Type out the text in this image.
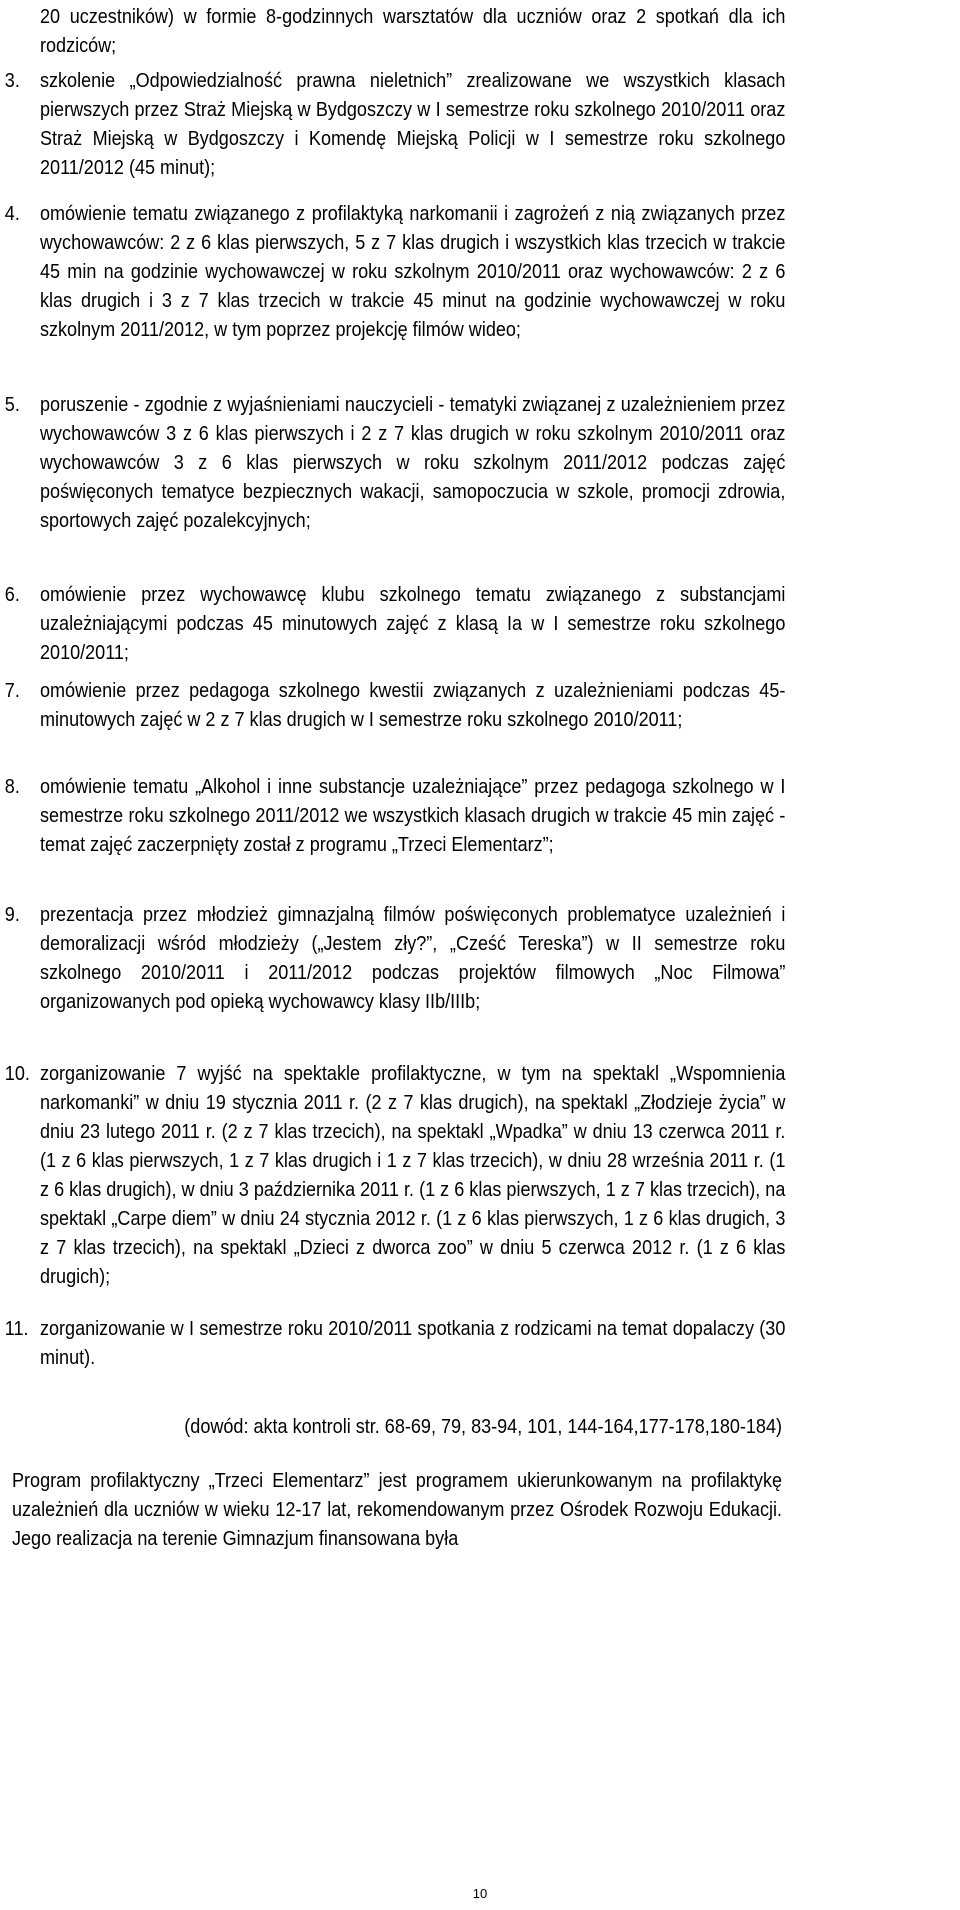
20 uczestników) w formie 8-godzinnych warsztatów dla uczniów oraz 2 spotkań dla ich rodziców;
3. szkolenie „Odpowiedzialność prawna nieletnich” zrealizowane we wszystkich klasach pierwszych przez Straż Miejską w Bydgoszczy w I semestrze roku szkolnego 2010/2011 oraz Straż Miejską w Bydgoszczy i Komendę Miejską Policji w I semestrze roku szkolnego 2011/2012 (45 minut);
4. omówienie tematu związanego z profilaktyką narkomanii i zagrożeń z nią związanych przez wychowawców: 2 z 6 klas pierwszych, 5 z 7 klas drugich i wszystkich klas trzecich w trakcie 45 min na godzinie wychowawczej w roku szkolnym 2010/2011 oraz wychowawców: 2 z 6 klas drugich i 3 z 7 klas trzecich w trakcie 45 minut na godzinie wychowawczej w roku szkolnym 2011/2012, w tym poprzez projekcję filmów wideo;
5. poruszenie - zgodnie z wyjaśnieniami nauczycieli - tematyki związanej z uzależnieniem przez wychowawców 3 z 6 klas pierwszych i 2 z 7 klas drugich w roku szkolnym 2010/2011 oraz wychowawców 3 z 6 klas pierwszych w roku szkolnym 2011/2012 podczas zajęć poświęconych tematyce bezpiecznych wakacji, samopoczucia w szkole, promocji zdrowia, sportowych zajęć pozalekcyjnych;
6. omówienie przez wychowawcę klubu szkolnego tematu związanego z substancjami uzależniającymi podczas 45 minutowych zajęć z klasą Ia w I semestrze roku szkolnego 2010/2011;
7. omówienie przez pedagoga szkolnego kwestii związanych z uzależnieniami podczas 45-minutowych zajęć w 2 z 7 klas drugich w I semestrze roku szkolnego 2010/2011;
8. omówienie tematu „Alkohol i inne substancje uzależniające” przez pedagoga szkolnego w I semestrze roku szkolnego 2011/2012 we wszystkich klasach drugich w trakcie 45 min zajęć - temat zajęć zaczerpnięty został z programu „Trzeci Elementarz”;
9. prezentacja przez młodzież gimnazjalną filmów poświęconych problematyce uzależnień i demoralizacji wśród młodzieży („Jestem zły?”, „Cześć Tereska”) w II semestrze roku szkolnego 2010/2011 i 2011/2012 podczas projektów filmowych „Noc Filmowa” organizowanych pod opieką wychowawcy klasy IIb/IIIb;
10. zorganizowanie 7 wyjść na spektakle profilaktyczne, w tym na spektakl „Wspomnienia narkomanki” w dniu 19 stycznia 2011 r. (2 z 7 klas drugich), na spektakl „Złodzieje życia” w dniu 23 lutego 2011 r. (2 z 7 klas trzecich), na spektakl „Wpadka” w dniu 13 czerwca 2011 r. (1 z 6 klas pierwszych, 1 z 7 klas drugich i 1 z 7 klas trzecich), w dniu 28 września 2011 r. (1 z 6 klas drugich), w dniu 3 października 2011 r. (1 z 6 klas pierwszych, 1 z 7 klas trzecich), na spektakl „Carpe diem” w dniu 24 stycznia 2012 r. (1 z 6 klas pierwszych, 1 z 6 klas drugich, 3 z 7 klas trzecich), na spektakl „Dzieci z dworca zoo” w dniu 5 czerwca 2012 r. (1 z 6 klas drugich);
11. zorganizowanie w I semestrze roku 2010/2011 spotkania z rodzicami na temat dopalaczy (30 minut).
(dowód: akta kontroli str. 68-69, 79, 83-94, 101, 144-164,177-178,180-184)
Program profilaktyczny „Trzeci Elementarz” jest programem ukierunkowanym na profilaktykę uzależnień dla uczniów w wieku 12-17 lat, rekomendowanym przez Ośrodek Rozwoju Edukacji. Jego realizacja na terenie Gimnazjum finansowana była
10
